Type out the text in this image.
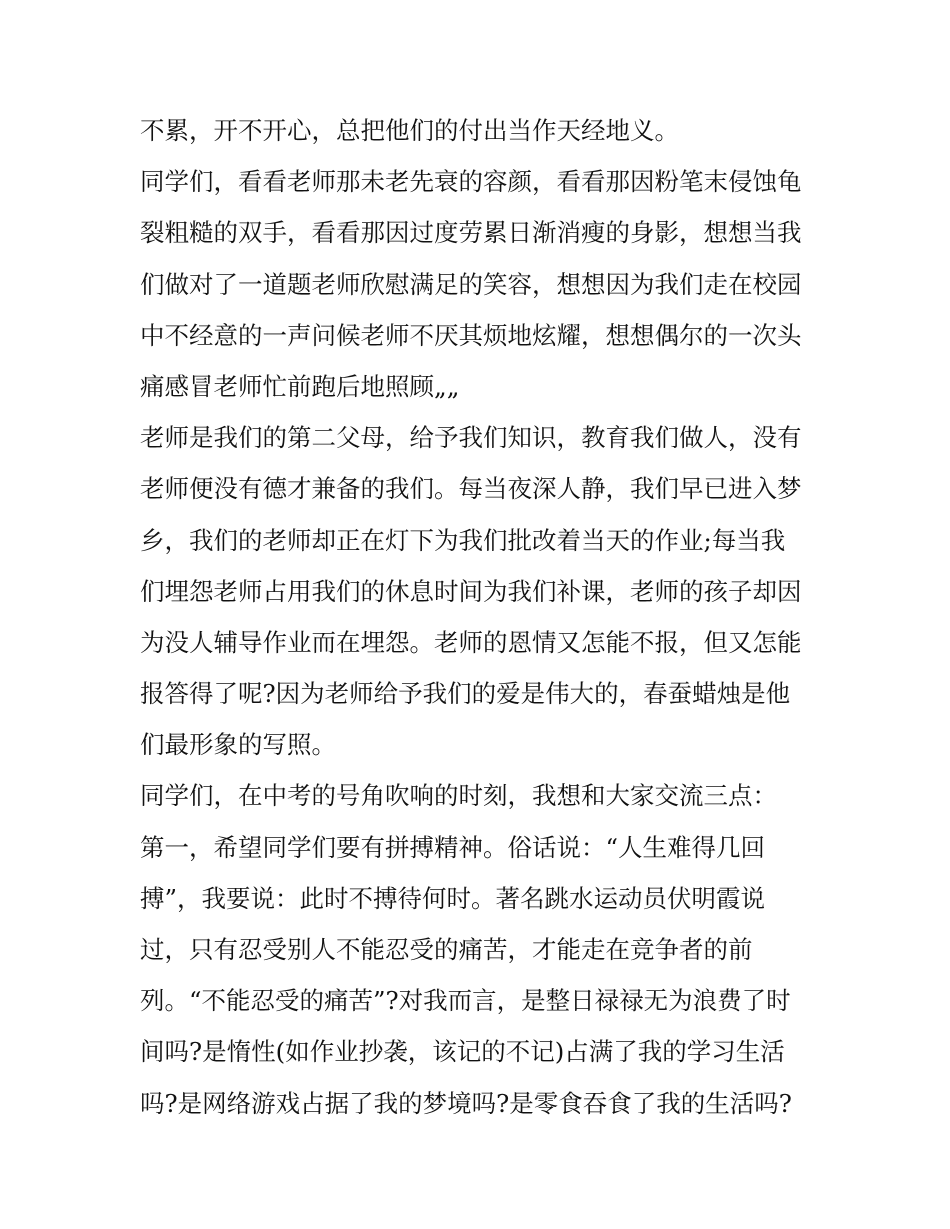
不累，开不开心，总把他们的付出当作天经地义。
同学们，看看老师那未老先衰的容颜，看看那因粉笔末侵蚀龟
裂粗糙的双手，看看那因过度劳累日渐消瘦的身影，想想当我
们做对了一道题老师欣慰满足的笑容，想想因为我们走在校园
中不经意的一声问候老师不厌其烦地炫耀，想想偶尔的一次头
痛感冒老师忙前跑后地照顾„„
老师是我们的第二父母，给予我们知识，教育我们做人，没有
老师便没有德才兼备的我们。每当夜深人静，我们早已进入梦
乡，我们的老师却正在灯下为我们批改着当天的作业;每当我
们埋怨老师占用我们的休息时间为我们补课，老师的孩子却因
为没人辅导作业而在埋怨。老师的恩情又怎能不报，但又怎能
报答得了呢?因为老师给予我们的爱是伟大的，春蚕蜡烛是他
们最形象的写照。
同学们，在中考的号角吹响的时刻，我想和大家交流三点：
第一，希望同学们要有拼搏精神。俗话说：“人生难得几回
搏”，我要说：此时不搏待何时。著名跳水运动员伏明霞说
过，只有忍受别人不能忍受的痛苦，才能走在竞争者的前
列。“不能忍受的痛苦”?对我而言，是整日禄禄无为浪费了时
间吗?是惰性(如作业抄袭，该记的不记)占满了我的学习生活
吗?是网络游戏占据了我的梦境吗?是零食吞食了我的生活吗?
